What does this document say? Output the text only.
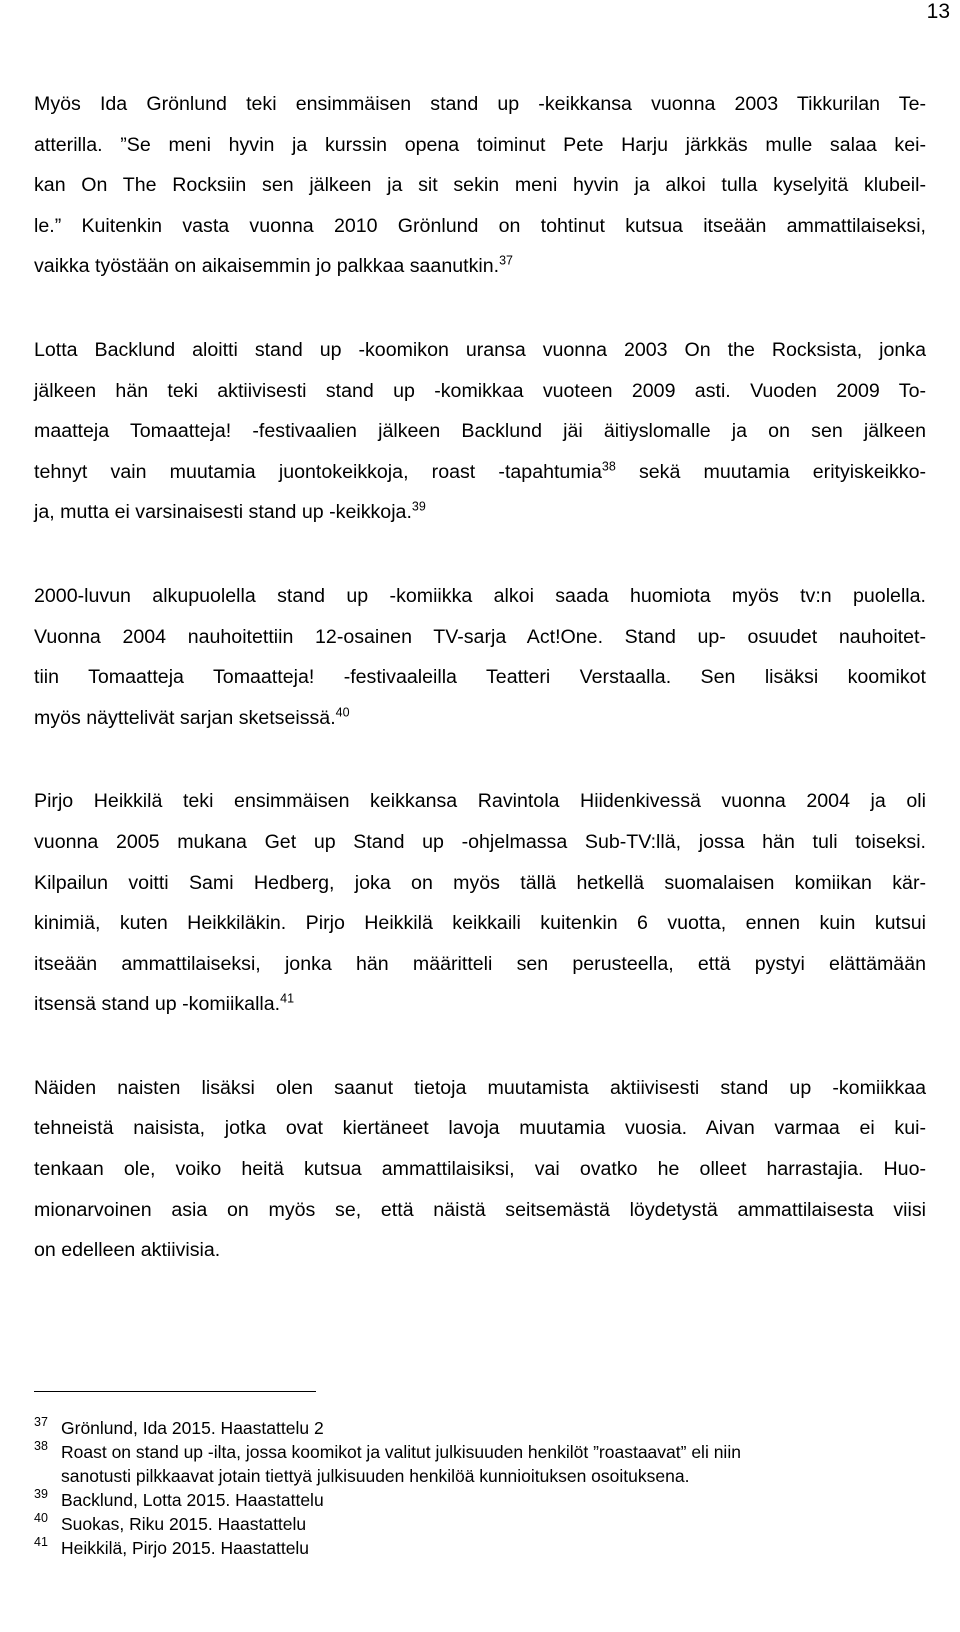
13
Myös Ida Grönlund teki ensimmäisen stand up -keikkansa vuonna 2003 Tikkurilan Te-
atterilla. ”Se meni hyvin ja kurssin opena toiminut Pete Harju järkkäs mulle salaa kei-
kan On The Rocksiin sen jälkeen ja sit sekin meni hyvin ja alkoi tulla kyselyitä klubeil-
le.” Kuitenkin vasta vuonna 2010 Grönlund on tohtinut kutsua itseään ammattilaiseksi,
vaikka työstään on aikaisemmin jo palkkaa saanutkin.$^{37}$
Lotta Backlund aloitti stand up -koomikon uransa vuonna 2003 On the Rocksista, jonka
jälkeen hän teki aktiivisesti stand up -komikkaa vuoteen 2009 asti. Vuoden 2009 To-
maatteja Tomaatteja! -festivaalien jälkeen Backlund jäi äitiyslomalle ja on sen jälkeen
tehnyt vain muutamia juontokeikkoja, roast -tapahtumia$^{38}$ sekä muutamia erityiskeikko-
ja, mutta ei varsinaisesti stand up -keikkoja.$^{39}$
2000-luvun alkupuolella stand up -komiikka alkoi saada huomiota myös tv:n puolella.
Vuonna 2004 nauhoitettiin 12-osainen TV-sarja Act!One. Stand up- osuudet nauhoitet-
tiin Tomaatteja Tomaatteja! -festivaaleilla Teatteri Verstaalla. Sen lisäksi koomikot
myös näyttelivät sarjan sketseissä.$^{40}$
Pirjo Heikkilä teki ensimmäisen keikkansa Ravintola Hiidenkivessä vuonna 2004 ja oli
vuonna 2005 mukana Get up Stand up -ohjelmassa Sub-TV:llä, jossa hän tuli toiseksi.
Kilpailun voitti Sami Hedberg, joka on myös tällä hetkellä suomalaisen komiikan kär-
kinimiä, kuten Heikkiläkin. Pirjo Heikkilä keikkaili kuitenkin 6 vuotta, ennen kuin kutsui
itseään ammattilaiseksi, jonka hän määritteli sen perusteella, että pystyi elättämään
itsensä stand up -komiikalla.$^{41}$
Näiden naisten lisäksi olen saanut tietoja muutamista aktiivisesti stand up -komiikkaa
tehneistä naisista, jotka ovat kiertäneet lavoja muutamia vuosia. Aivan varmaa ei kui-
tenkaan ole, voiko heitä kutsua ammattilaisiksi, vai ovatko he olleet harrastajia. Huo-
mionarvoinen asia on myös se, että näistä seitsemästä löydetystä ammattilaisesta viisi
on edelleen aktiivisia.
37 Grönlund, Ida 2015. Haastattelu 2
38 Roast on stand up -ilta, jossa koomikot ja valitut julkisuuden henkilöt ”roastaavat” eli niin
sanotusti pilkkaavat jotain tiettyä julkisuuden henkilöä kunnioituksen osoituksena.
39 Backlund, Lotta 2015. Haastattelu
40 Suokas, Riku 2015. Haastattelu
41 Heikkilä, Pirjo 2015. Haastattelu
